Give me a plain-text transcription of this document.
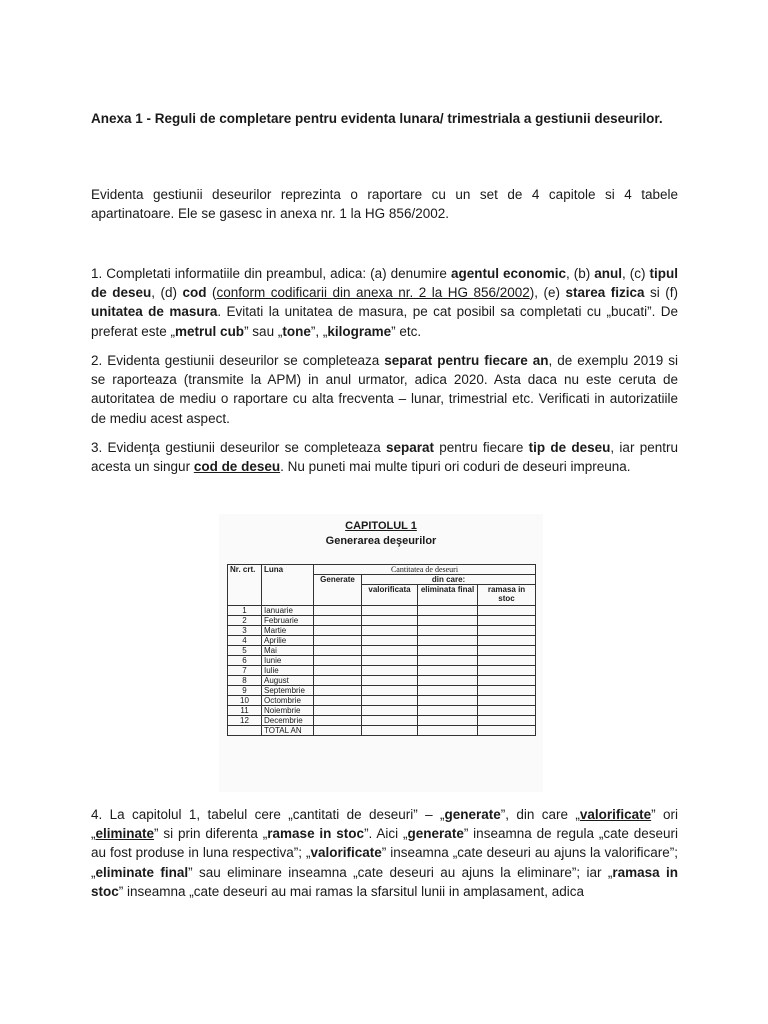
Anexa 1 - Reguli de completare pentru evidenta lunara/ trimestriala a gestiunii deseurilor.
Evidenta gestiunii deseurilor reprezinta o raportare cu un set de 4 capitole si 4 tabele apartinatoare. Ele se gasesc in anexa nr. 1 la HG 856/2002.
1. Completati informatiile din preambul, adica: (a) denumire agentul economic, (b) anul, (c) tipul de deseu, (d) cod (conform codificarii din anexa nr. 2 la HG 856/2002), (e) starea fizica si (f) unitatea de masura. Evitati la unitatea de masura, pe cat posibil sa completati cu „bucati”. De preferat este „metrul cub” sau „tone”, „kilograme” etc.
2. Evidenta gestiunii deseurilor se completeaza separat pentru fiecare an, de exemplu 2019 si se raporteaza (transmite la APM) in anul urmator, adica 2020. Asta daca nu este ceruta de autoritatea de mediu o raportare cu alta frecventa – lunar, trimestrial etc. Verificati in autorizatiile de mediu acest aspect.
3. Evidenţa gestiunii deseurilor se completeaza separat pentru fiecare tip de deseu, iar pentru acesta un singur cod de deseu. Nu puneti mai multe tipuri ori coduri de deseuri impreuna.
4. La capitolul 1, tabelul cere „cantitati de deseuri” – „generate”, din care „valorificate” ori „eliminate” si prin diferenta „ramase in stoc”. Aici „generate” inseamna de regula „cate deseuri au fost produse in luna respectiva”; „valorificate” inseamna „cate deseuri au ajuns la valorificare”; „eliminate final” sau eliminare inseamna „cate deseuri au ajuns la eliminare”; iar „ramasa in stoc” inseamna „cate deseuri au mai ramas la sfarsitul lunii in amplasament, adica
CAPITOLUL 1
Generarea deşeurilor
Nr. crt.	Luna	Cantitatea de deseuri			
		Generate	din care:		
			valorificata	eliminata final	ramasa in stoc
1	Ianuarie				
2	Februarie				
3	Martie				
4	Aprilie				
5	Mai				
6	Iunie				
7	Iulie				
8	August				
9	Septembrie				
10	Octombrie				
11	Noiembrie				
12	Decembrie				
	TOTAL AN				
